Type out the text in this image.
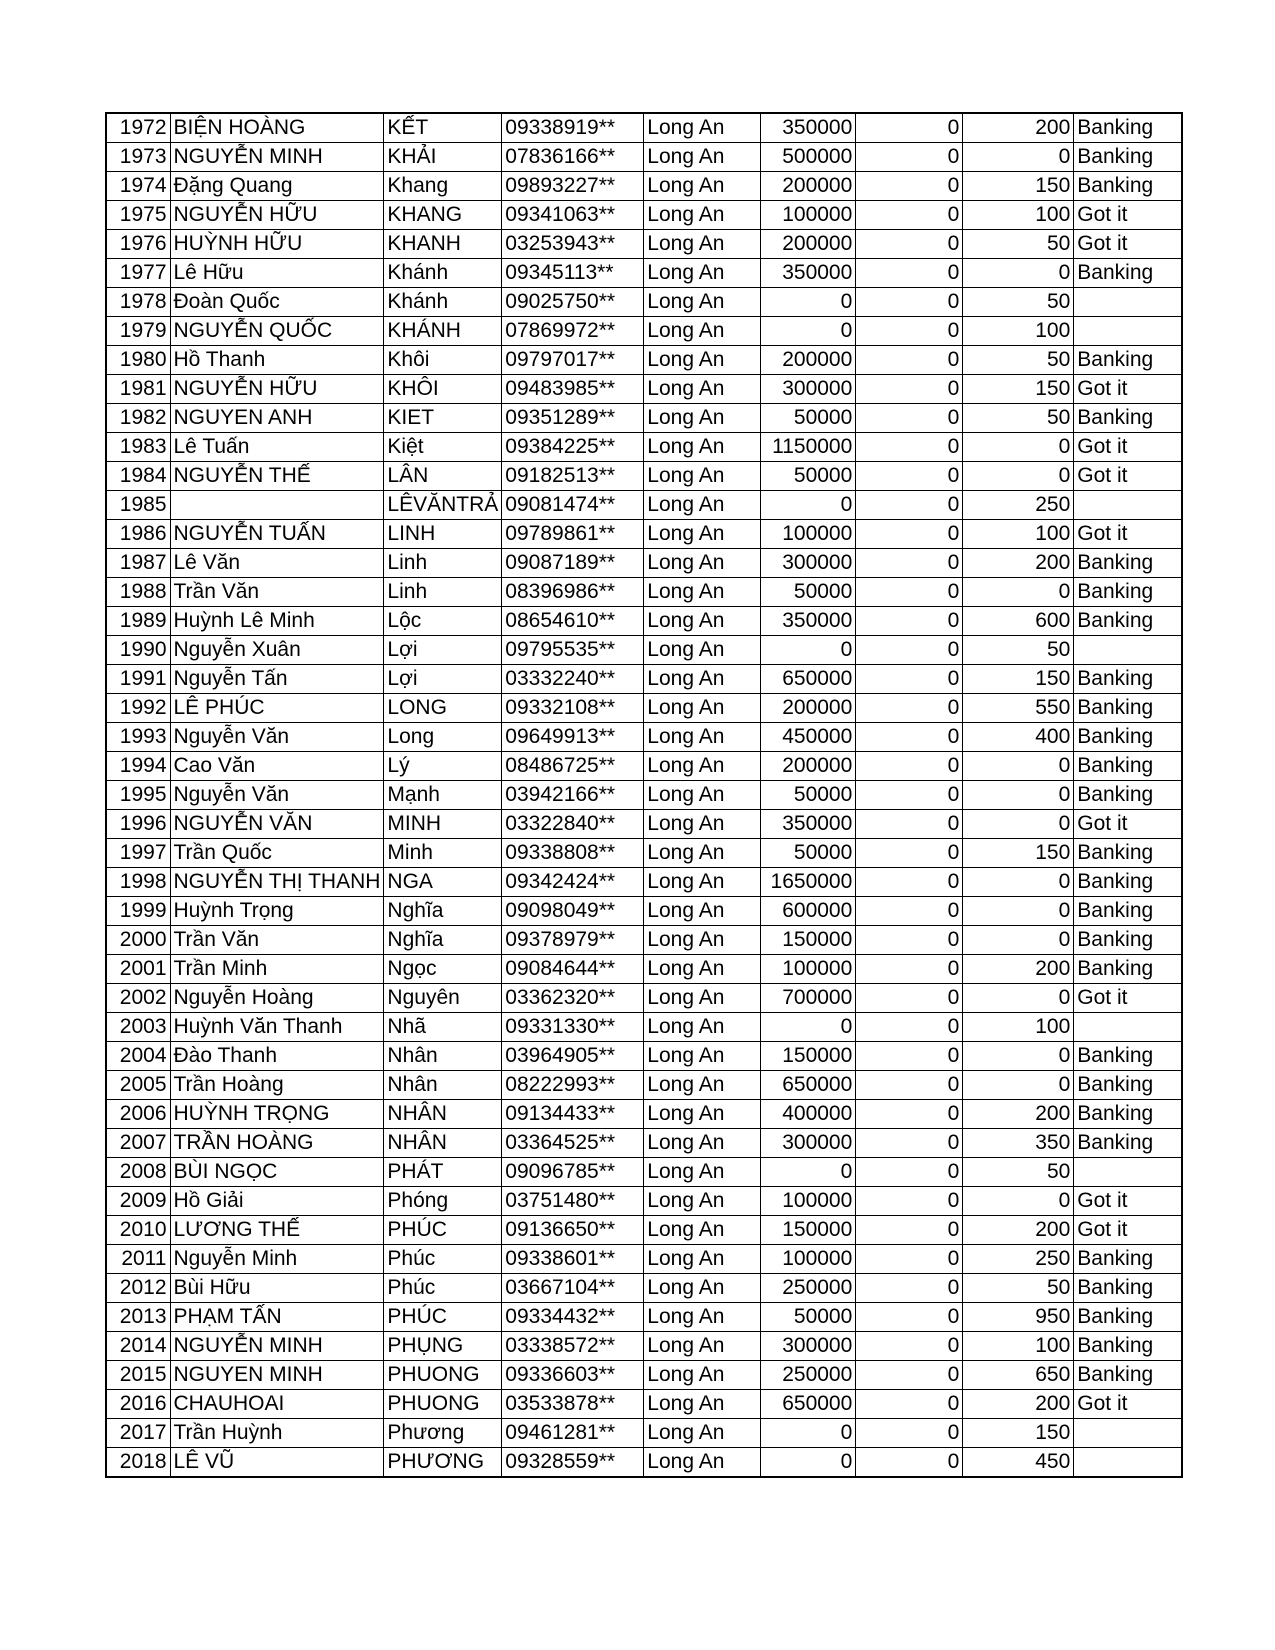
1972	BIỆN HOÀNG	KẾT	09338919**	Long An	350000	0	200	Banking
1973	NGUYỄN MINH	KHẢI	07836166**	Long An	500000	0	0	Banking
1974	Đặng Quang	Khang	09893227**	Long An	200000	0	150	Banking
1975	NGUYỄN HỮU	KHANG	09341063**	Long An	100000	0	100	Got it
1976	HUỲNH HỮU	KHANH	03253943**	Long An	200000	0	50	Got it
1977	Lê Hữu	Khánh	09345113**	Long An	350000	0	0	Banking
1978	Đoàn Quốc	Khánh	09025750**	Long An	0	0	50	
1979	NGUYỄN QUỐC	KHÁNH	07869972**	Long An	0	0	100	
1980	Hồ Thanh	Khôi	09797017**	Long An	200000	0	50	Banking
1981	NGUYỄN HỮU	KHÔI	09483985**	Long An	300000	0	150	Got it
1982	NGUYEN ANH	KIET	09351289**	Long An	50000	0	50	Banking
1983	Lê Tuấn	Kiệt	09384225**	Long An	1150000	0	0	Got it
1984	NGUYỄN THẾ	LÂN	09182513**	Long An	50000	0	0	Got it
1985		LÊVĂNTRẢ	09081474**	Long An	0	0	250	
1986	NGUYỄN TUẤN	LINH	09789861**	Long An	100000	0	100	Got it
1987	Lê Văn	Linh	09087189**	Long An	300000	0	200	Banking
1988	Trần Văn	Linh	08396986**	Long An	50000	0	0	Banking
1989	Huỳnh Lê Minh	Lộc	08654610**	Long An	350000	0	600	Banking
1990	Nguyễn Xuân	Lợi	09795535**	Long An	0	0	50	
1991	Nguyễn Tấn	Lợi	03332240**	Long An	650000	0	150	Banking
1992	LÊ PHÚC	LONG	09332108**	Long An	200000	0	550	Banking
1993	Nguyễn Văn	Long	09649913**	Long An	450000	0	400	Banking
1994	Cao Văn	Lý	08486725**	Long An	200000	0	0	Banking
1995	Nguyễn Văn	Mạnh	03942166**	Long An	50000	0	0	Banking
1996	NGUYỄN VĂN	MINH	03322840**	Long An	350000	0	0	Got it
1997	Trần Quốc	Minh	09338808**	Long An	50000	0	150	Banking
1998	NGUYỄN THỊ THANH	NGA	09342424**	Long An	1650000	0	0	Banking
1999	Huỳnh Trọng	Nghĩa	09098049**	Long An	600000	0	0	Banking
2000	Trần Văn	Nghĩa	09378979**	Long An	150000	0	0	Banking
2001	Trần Minh	Ngọc	09084644**	Long An	100000	0	200	Banking
2002	Nguyễn Hoàng	Nguyên	03362320**	Long An	700000	0	0	Got it
2003	Huỳnh Văn Thanh	Nhã	09331330**	Long An	0	0	100	
2004	Đào Thanh	Nhân	03964905**	Long An	150000	0	0	Banking
2005	Trần Hoàng	Nhân	08222993**	Long An	650000	0	0	Banking
2006	HUỲNH TRỌNG	NHÂN	09134433**	Long An	400000	0	200	Banking
2007	TRẦN HOÀNG	NHÂN	03364525**	Long An	300000	0	350	Banking
2008	BÙI NGỌC	PHÁT	09096785**	Long An	0	0	50	
2009	Hồ Giải	Phóng	03751480**	Long An	100000	0	0	Got it
2010	LƯƠNG THẾ	PHÚC	09136650**	Long An	150000	0	200	Got it
2011	Nguyễn Minh	Phúc	09338601**	Long An	100000	0	250	Banking
2012	Bùi Hữu	Phúc	03667104**	Long An	250000	0	50	Banking
2013	PHẠM TẤN	PHÚC	09334432**	Long An	50000	0	950	Banking
2014	NGUYỄN MINH	PHỤNG	03338572**	Long An	300000	0	100	Banking
2015	NGUYEN MINH	PHUONG	09336603**	Long An	250000	0	650	Banking
2016	CHAUHOAI	PHUONG	03533878**	Long An	650000	0	200	Got it
2017	Trần Huỳnh	Phương	09461281**	Long An	0	0	150	
2018	LÊ VŨ	PHƯƠNG	09328559**	Long An	0	0	450	
